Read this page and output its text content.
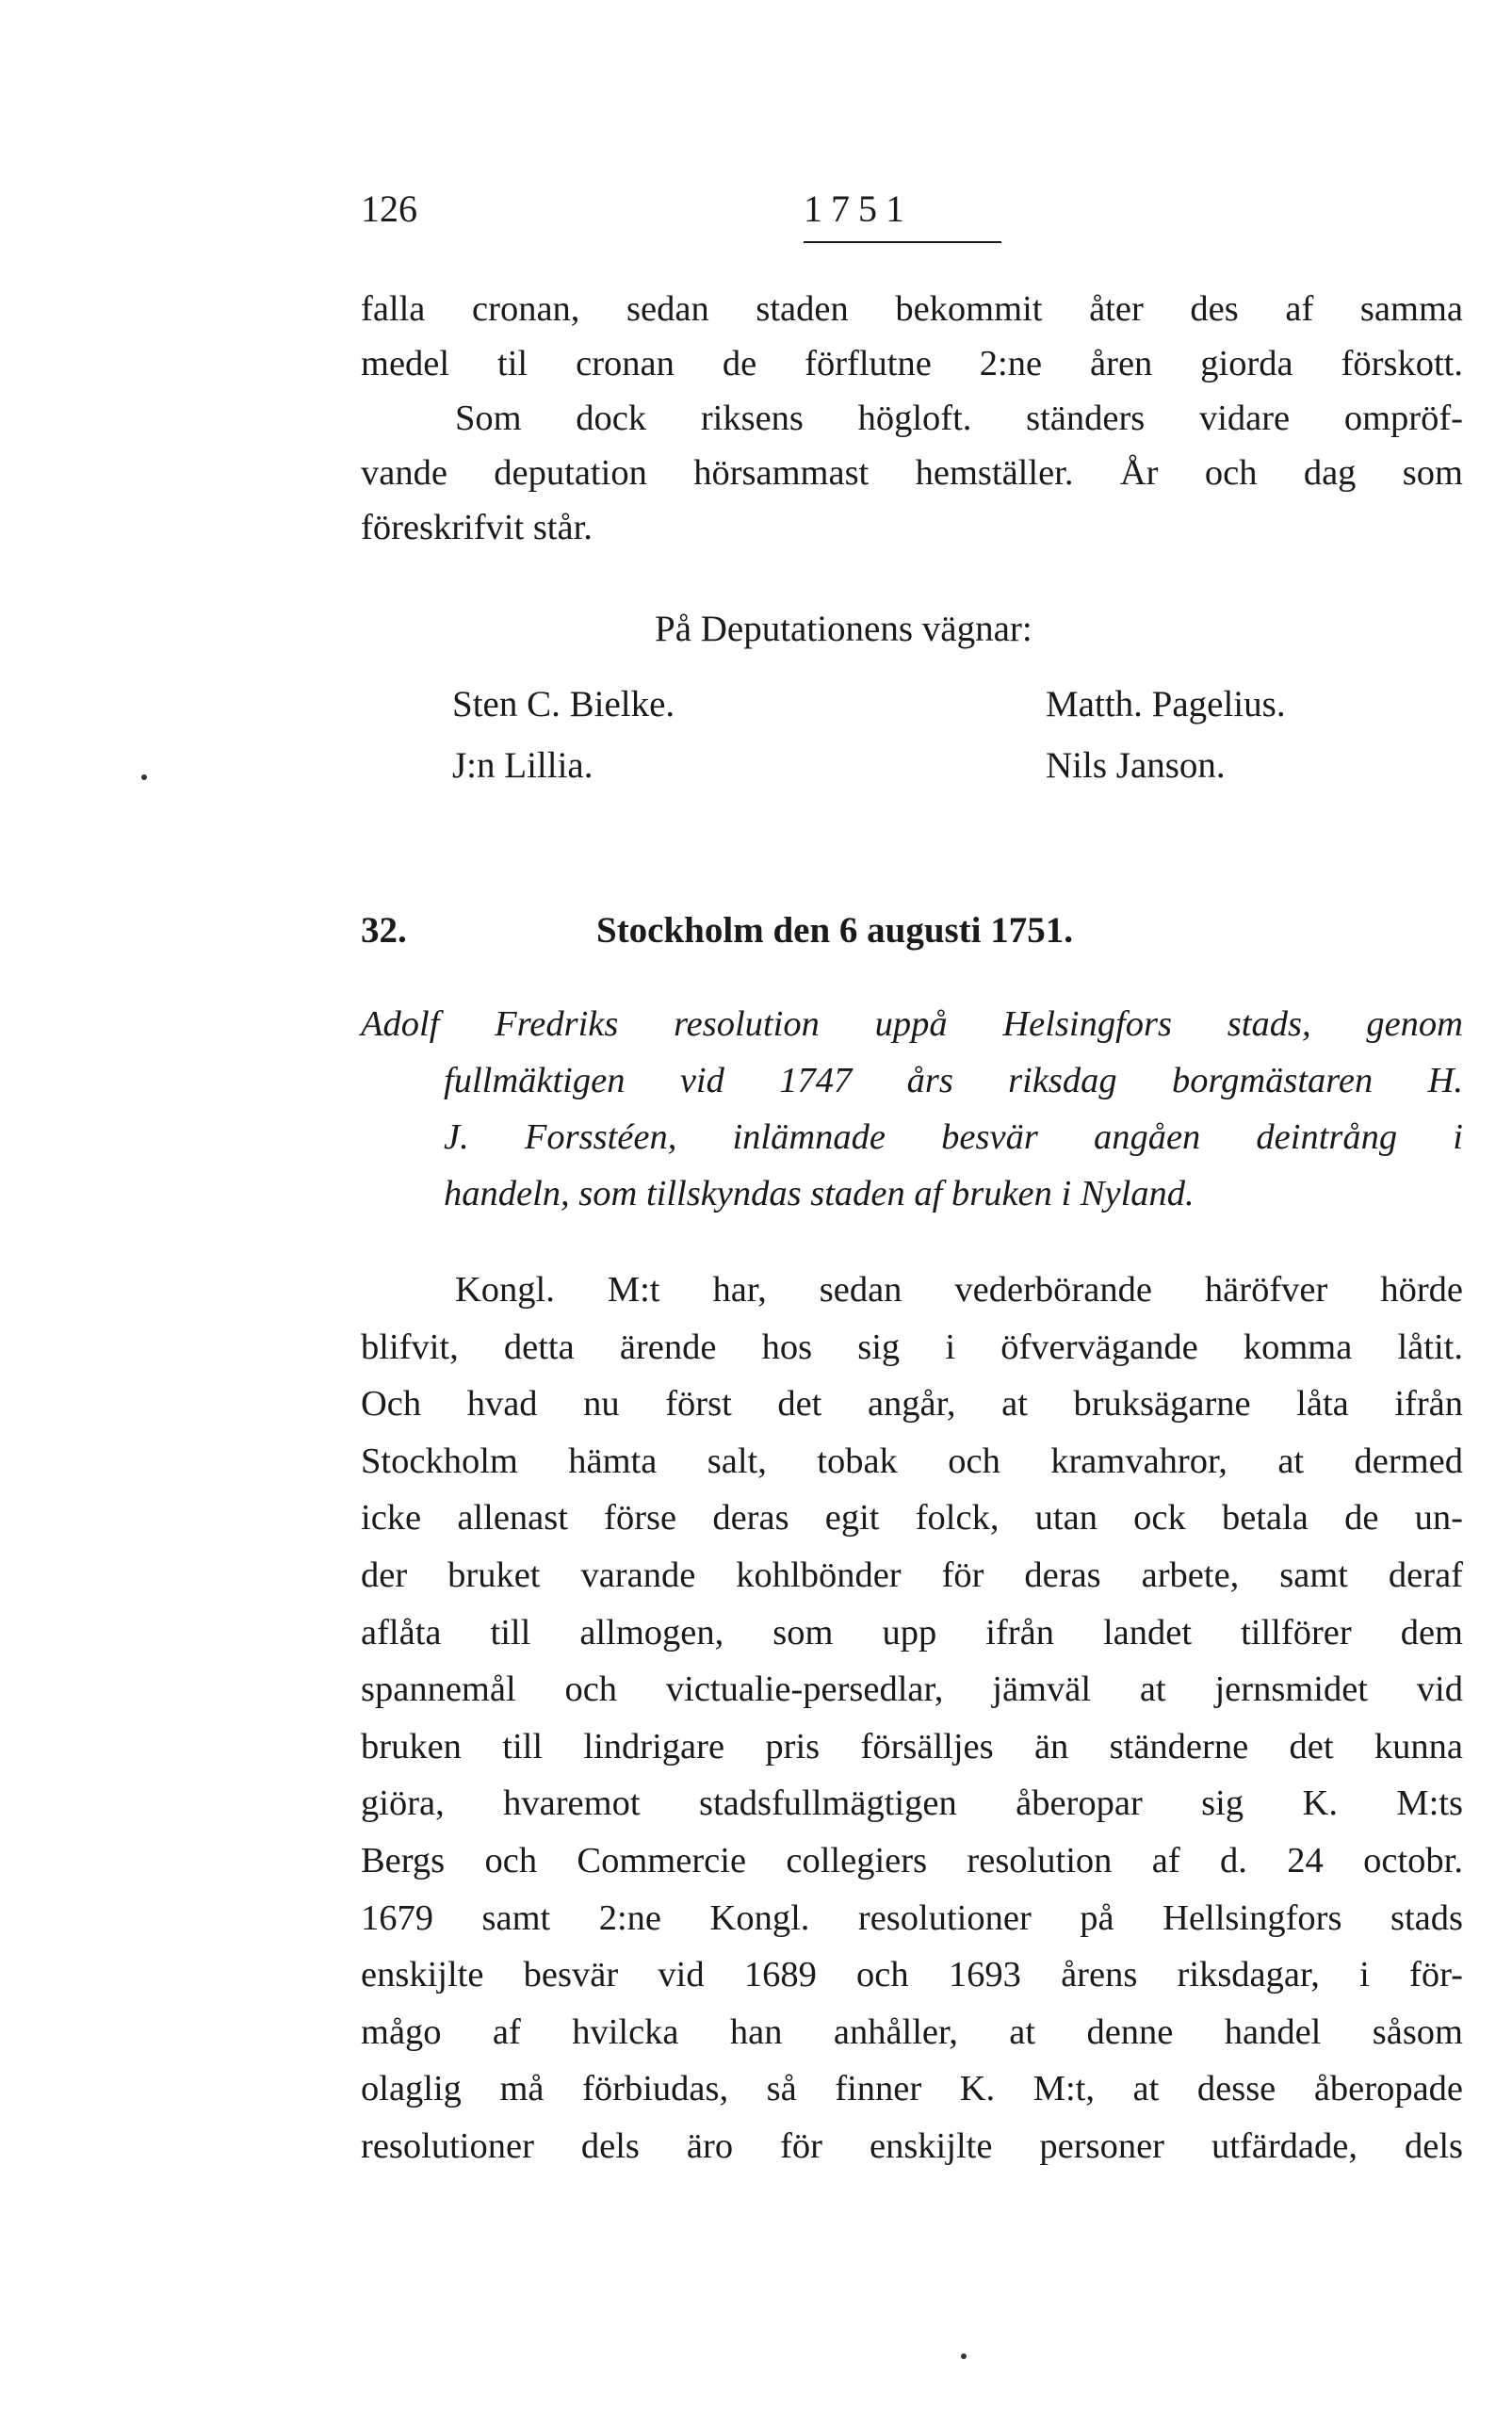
126	1751
falla cronan, sedan staden bekommit åter des af samma
medel til cronan de förflutne 2:ne åren giorda förskott.
Som dock riksens högloft. ständers vidare ompröf-
vande deputation hörsammast hemställer. År och dag som
föreskrifvit står.
På Deputationens vägnar:
Sten C. Bielke.
J:n Lillia.
Matth. Pagelius.
Nils Janson.
32.	Stockholm den 6 augusti 1751.
Adolf Fredriks resolution uppå Helsingfors stads, genom
fullmäktigen vid 1747 års riksdag borgmästaren H.
J. Forsstéen, inlämnade besvär angåen deintrång i
handeln, som tillskyndas staden af bruken i Nyland.
Kongl. M:t har, sedan vederbörande häröfver hörde
blifvit, detta ärende hos sig i öfvervägande komma låtit.
Och hvad nu först det angår, at bruksägarne låta ifrån
Stockholm hämta salt, tobak och kramvahror, at dermed
icke allenast förse deras egit folck, utan ock betala de un-
der bruket varande kohlbönder för deras arbete, samt deraf
aflåta till allmogen, som upp ifrån landet tillförer dem
spannemål och victualie-persedlar, jämväl at jernsmidet vid
bruken till lindrigare pris försälljes än ständerne det kunna
giöra, hvaremot stadsfullmägtigen åberopar sig K. M:ts
Bergs och Commercie collegiers resolution af d. 24 octobr.
1679 samt 2:ne Kongl. resolutioner på Hellsingfors stads
enskijlte besvär vid 1689 och 1693 årens riksdagar, i för-
mågo af hvilcka han anhåller, at denne handel såsom
olaglig må förbiudas, så finner K. M:t, at desse åberopade
resolutioner dels äro för enskijlte personer utfärdade, dels
